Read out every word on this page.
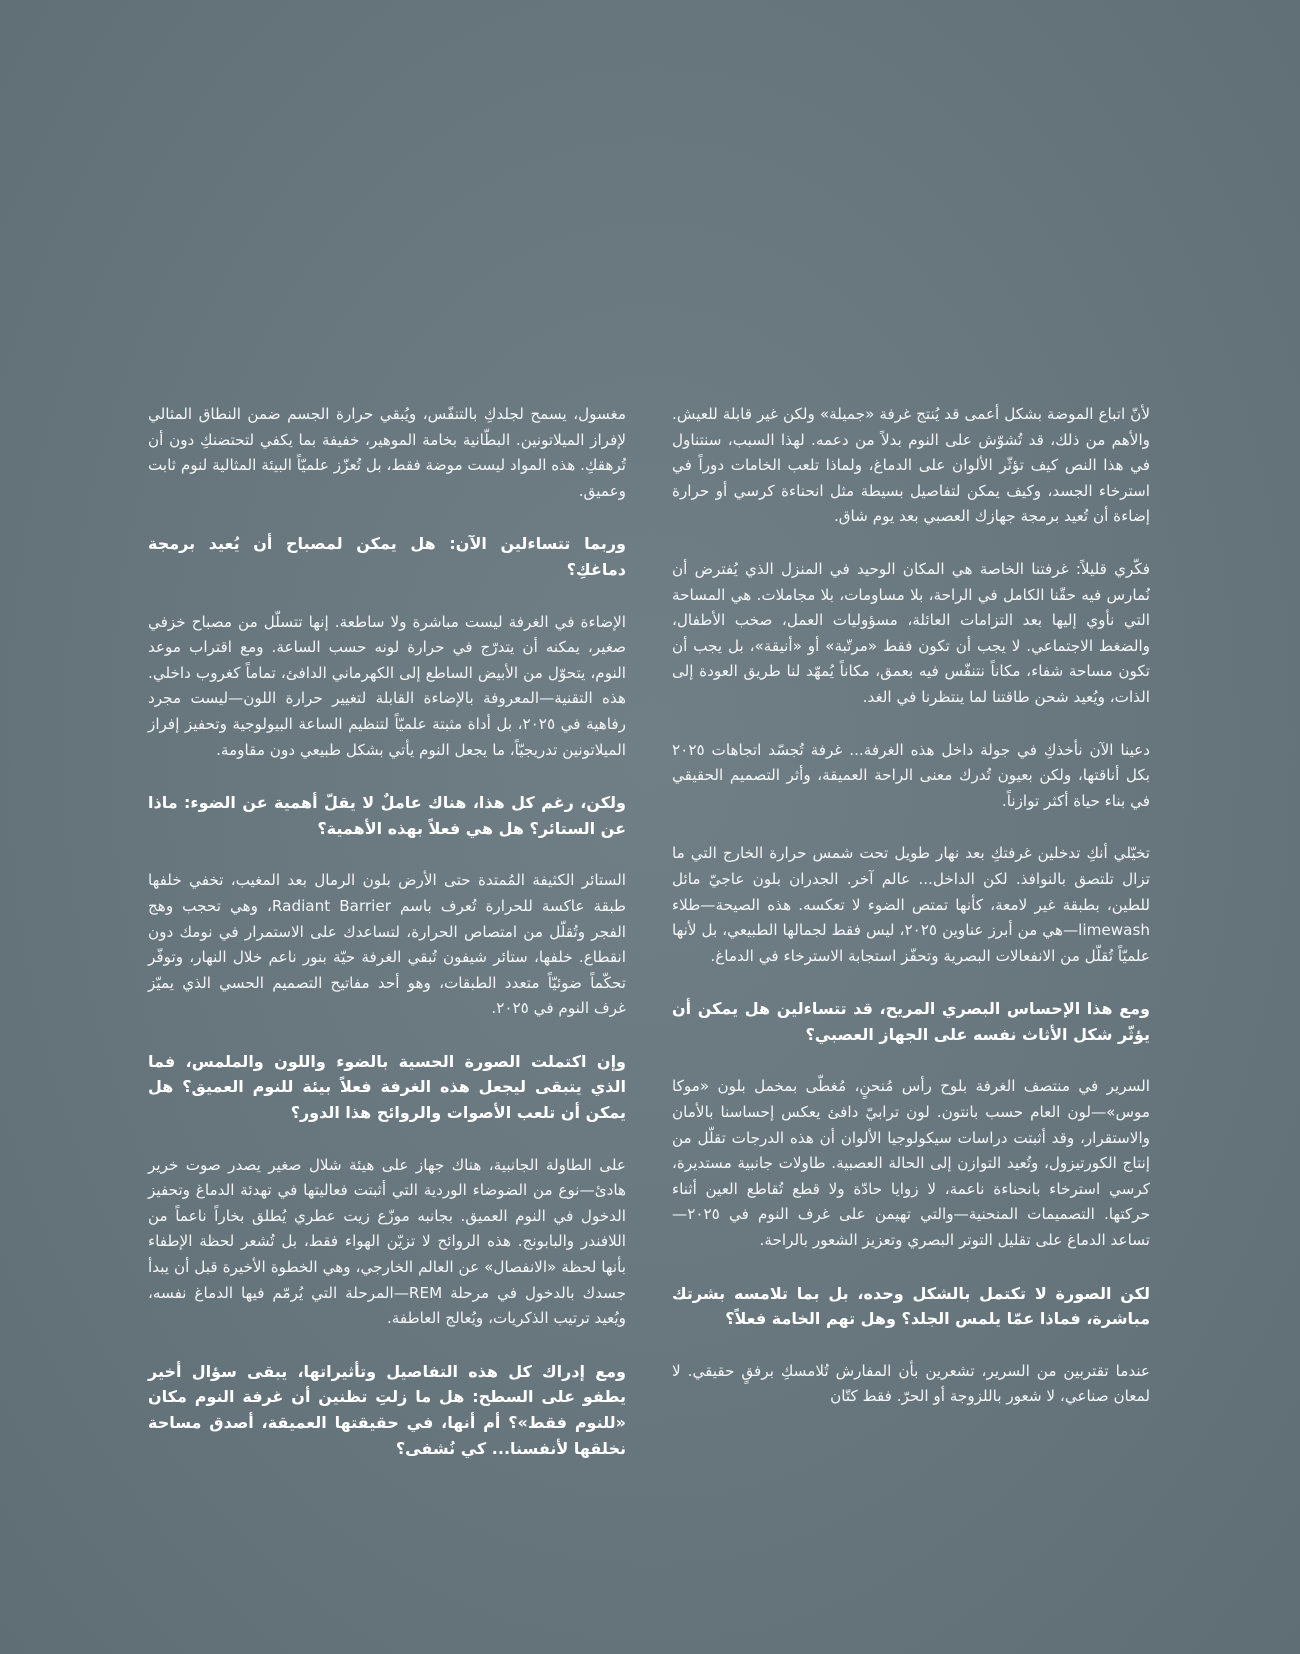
لأنّ اتباع الموضة بشكل أعمى قد يُنتج غرفة «جميلة» ولكن غير قابلة للعيش. والأهم من ذلك، قد تُشوّش على النوم بدلاً من دعمه. لهذا السبب، سنتناول في هذا النص كيف تؤثّر الألوان على الدماغ، ولماذا تلعب الخامات دوراً في استرخاء الجسد، وكيف يمكن لتفاصيل بسيطة مثل انحناءة كرسي أو حرارة إضاءة أن تُعيد برمجة جهازك العصبي بعد يوم شاق.

فكّري قليلاً: غرفتنا الخاصة هي المكان الوحيد في المنزل الذي يُفترض أن نُمارس فيه حقّنا الكامل في الراحة، بلا مساومات، بلا مجاملات. هي المساحة التي نأوي إليها بعد التزامات العائلة، مسؤوليات العمل، صخب الأطفال، والضغط الاجتماعي. لا يجب أن تكون فقط «مرتّبة» أو «أنيقة»، بل يجب أن تكون مساحة شفاء، مكاناً نتنفّس فيه بعمق، مكاناً يُمهّد لنا طريق العودة إلى الذات، ويُعيد شحن طاقتنا لما ينتظرنا في الغد.

دعينا الآن نأخذكِ في جولة داخل هذه الغرفة... غرفة تُجسّد اتجاهات ٢٠٢٥ بكل أناقتها، ولكن بعيون تُدرك معنى الراحة العميقة، وأثر التصميم الحقيقي في بناء حياة أكثر توازناً.

تخيّلي أنكِ تدخلين غرفتكِ بعد نهار طويل تحت شمس حرارة الخارج التي ما تزال تلتصق بالنوافذ. لكن الداخل... عالم آخر. الجدران بلون عاجيّ مائل للطين، بطبقة غير لامعة، كأنها تمتص الضوء لا تعكسه. هذه الصيحة—طلاء limewash—هي من أبرز عناوين ٢٠٢٥، ليس فقط لجمالها الطبيعي، بل لأنها علميّاً تُقلّل من الانفعالات البصرية وتحفّز استجابة الاسترخاء في الدماغ.

ومع هذا الإحساس البصري المريح، قد تتساءلين هل يمكن أن يؤثّر شكل الأثاث نفسه على الجهاز العصبي؟

السرير في منتصف الغرفة بلوح رأس مُنحنٍ، مُغطّى بمخمل بلون «موكا موس»—لون العام حسب بانتون. لون ترابيّ دافئ يعكس إحساسنا بالأمان والاستقرار، وقد أثبتت دراسات سيكولوجيا الألوان أن هذه الدرجات تقلّل من إنتاج الكورتيزول، وتُعيد التوازن إلى الحالة العصبية. طاولات جانبية مستديرة، كرسي استرخاء بانحناءة ناعمة، لا زوايا حادّة ولا قطع تُقاطع العين أثناء حركتها. التصميمات المنحنية—والتي تهيمن على غرف النوم في ٢٠٢٥—تساعد الدماغ على تقليل التوتر البصري وتعزيز الشعور بالراحة.

لكن الصورة لا تكتمل بالشكل وحده، بل بما تلامسه بشرتك مباشرة، فماذا عمّا يلمس الجلد؟ وهل تهم الخامة فعلاً؟

عندما تقتربين من السرير، تشعرين بأن المفارش تُلامسكِ برفقٍ حقيقي. لا لمعان صناعي، لا شعور باللزوجة أو الحرّ. فقط كتّان

مغسول، يسمح لجلدكِ بالتنفّس، ويُبقي حرارة الجسم ضمن النطاق المثالي لإفراز الميلاتونين. البطّانية بخامة الموهير، خفيفة بما يكفي لتحتضنكِ دون أن تُرهقكِ. هذه المواد ليست موضة فقط، بل تُعزّز علميّاً البيئة المثالية لنوم ثابت وعميق.

وربما تتساءلين الآن: هل يمكن لمصباح أن يُعيد برمجة دماغكِ؟

الإضاءة في الغرفة ليست مباشرة ولا ساطعة. إنها تتسلّل من مصباح خزفي صغير، يمكنه أن يتدرّج في حرارة لونه حسب الساعة. ومع اقتراب موعد النوم، يتحوّل من الأبيض الساطع إلى الكهرماني الدافئ، تماماً كغروب داخلي. هذه التقنية—المعروفة بالإضاءة القابلة لتغيير حرارة اللون—ليست مجرد رفاهية في ٢٠٢٥، بل أداة مثبتة علميّاً لتنظيم الساعة البيولوجية وتحفيز إفراز الميلاتونين تدريجيّاً، ما يجعل النوم يأتي بشكل طبيعي دون مقاومة.

ولكن، رغم كل هذا، هناك عاملٌ لا يقلّ أهمية عن الضوء: ماذا عن الستائر؟ هل هي فعلاً بهذه الأهمية؟

الستائر الكثيفة المُمتدة حتى الأرض بلون الرمال بعد المغيب، تخفي خلفها طبقة عاكسة للحرارة تُعرف باسم Radiant Barrier، وهي تحجب وهج الفجر وتُقلّل من امتصاص الحرارة، لتساعدك على الاستمرار في نومك دون انقطاع. خلفها، ستائر شيفون تُبقي الغرفة حيّة بنور ناعم خلال النهار، وتوفّر تحكّماً ضوئيّاً متعدد الطبقات، وهو أحد مفاتيح التصميم الحسي الذي يميّز غرف النوم في ٢٠٢٥.

وإن اكتملت الصورة الحسية بالضوء واللون والملمس، فما الذي يتبقى ليجعل هذه الغرفة فعلاً بيئة للنوم العميق؟ هل يمكن أن تلعب الأصوات والروائح هذا الدور؟

على الطاولة الجانبية، هناك جهاز على هيئة شلال صغير يصدر صوت خرير هادئ—نوع من الضوضاء الوردية التي أثبتت فعاليتها في تهدئة الدماغ وتحفيز الدخول في النوم العميق. بجانبه موزّع زيت عطري يُطلق بخاراً ناعماً من اللافندر والبابونج. هذه الروائح لا تزيّن الهواء فقط، بل تُشعر لحظة الإطفاء بأنها لحظة «الانفصال» عن العالم الخارجي، وهي الخطوة الأخيرة قبل أن يبدأ جسدك بالدخول في مرحلة REM—المرحلة التي يُرمّم فيها الدماغ نفسه، ويُعيد ترتيب الذكريات، ويُعالج العاطفة.

ومع إدراك كل هذه التفاصيل وتأثيراتها، يبقى سؤال أخير يطفو على السطح: هل ما زلتِ تظنين أن غرفة النوم مكان «للنوم فقط»؟ أم أنها، في حقيقتها العميقة، أصدق مساحة نخلقها لأنفسنا... كي نُشفى؟
